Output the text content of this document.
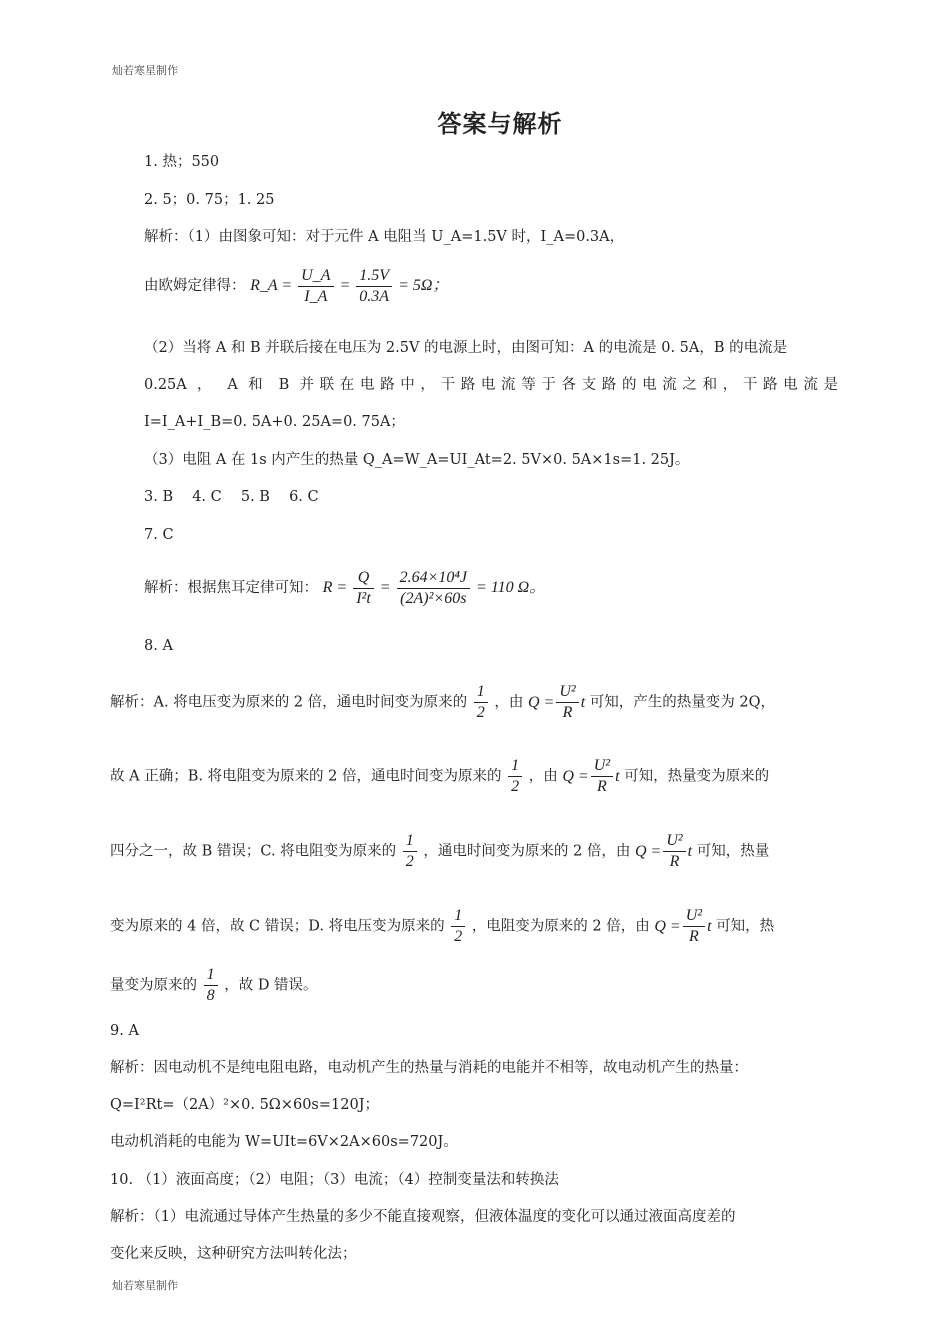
灿若寒星制作
答案与解析
1. 热；550
2. 5；0. 75；1. 25
解析：（1）由图象可知：对于元件 A 电阻当 U_A=1.5V 时，I_A=0.3A，
由欧姆定律得： R_A = $\frac{U\_A}{I\_A} = \frac{1.5V}{0.3A} = 5\Omega$；
（2）当将 A 和 B 并联后接在电压为 2.5V 的电源上时，由图可知：A 的电流是 0. 5A，B 的电流是
0.25A ， A 和 B 并联在电路中，干路电流等于各支路的电流之和，干路电流是
I=I_A+I_B=0. 5A+0. 25A=0. 75A；
（3）电阻 A 在 1s 内产生的热量 Q_A=W_A=UI_At=2. 5V×0. 5A×1s=1. 25J。
3. B　 4. C　 5. B　 6. C
7. C
解析：根据焦耳定律可知： $R = \frac{Q}{\text{I²t}} = \frac{\text{2.64×10⁴J}}{\text{(2A)²×60s}} = 110$ Ω。
8. A
解析：A. 将电压变为原来的 2 倍，通电时间变为原来的 $\frac{1}{2}$ ，由 $Q = \frac{\text{U²}}{R}$ t 可知，产生的热量变为 2Q，
故 A 正确；B. 将电阻变为原来的 2 倍，通电时间变为原来的 $\frac{1}{2}$ ，由 $Q = \frac{\text{U²}}{R}$ t 可知，热量变为原来的
四分之一，故 B 错误；C. 将电阻变为原来的 $\frac{1}{2}$ ，通电时间变为原来的 2 倍，由 $Q = \frac{\text{U²}}{R}$ t 可知，热量
变为原来的 4 倍，故 C 错误；D. 将电压变为原来的 $\frac{1}{2}$ ，电阻变为原来的 2 倍，由 $Q = \frac{\text{U²}}{R}$ t 可知，热
量变为原来的 $\frac{1}{8}$ ，故 D 错误。
9. A
解析：因电动机不是纯电阻电路，电动机产生的热量与消耗的电能并不相等，故电动机产生的热量：
Q=I²Rt=（2A）²×0. 5Ω×60s=120J；
电动机消耗的电能为 W=UIt=6V×2A×60s=720J。
10. （1）液面高度；（2）电阻；（3）电流；（4）控制变量法和转换法
解析：（1）电流通过导体产生热量的多少不能直接观察，但液体温度的变化可以通过液面高度差的
变化来反映，这种研究方法叫转化法；
灿若寒星制作
